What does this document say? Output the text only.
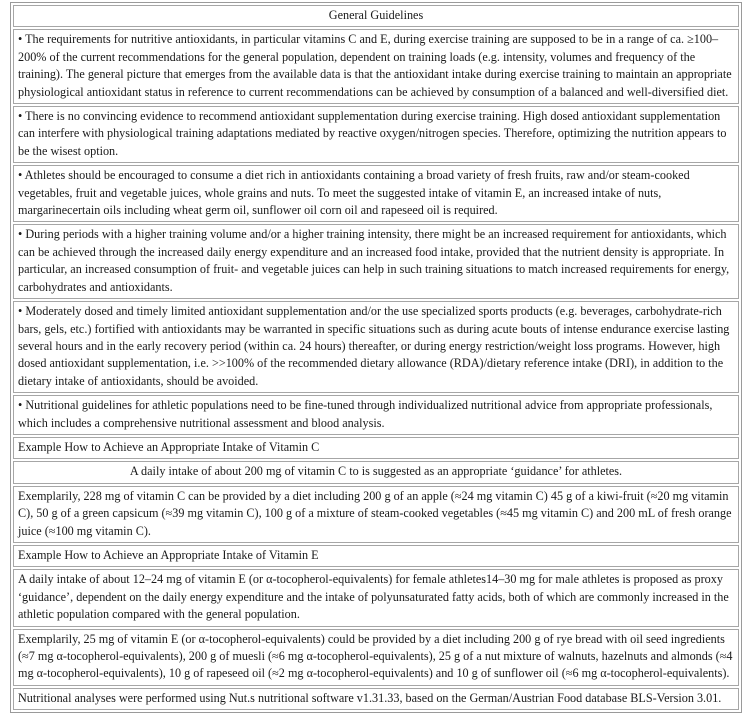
General Guidelines
• The requirements for nutritive antioxidants, in particular vitamins C and E, during exercise training are supposed to be in a range of ca. ≥100–200% of the current recommendations for the general population, dependent on training loads (e.g. intensity, volumes and frequency of the training). The general picture that emerges from the available data is that the antioxidant intake during exercise training to maintain an appropriate physiological antioxidant status in reference to current recommendations can be achieved by consumption of a balanced and well-diversified diet.
• There is no convincing evidence to recommend antioxidant supplementation during exercise training. High dosed antioxidant supplementation can interfere with physiological training adaptations mediated by reactive oxygen/nitrogen species. Therefore, optimizing the nutrition appears to be the wisest option.
• Athletes should be encouraged to consume a diet rich in antioxidants containing a broad variety of fresh fruits, raw and/or steam-cooked vegetables, fruit and vegetable juices, whole grains and nuts. To meet the suggested intake of vitamin E, an increased intake of nuts, margarinecertain oils including wheat germ oil, sunflower oil corn oil and rapeseed oil is required.
• During periods with a higher training volume and/or a higher training intensity, there might be an increased requirement for antioxidants, which can be achieved through the increased daily energy expenditure and an increased food intake, provided that the nutrient density is appropriate. In particular, an increased consumption of fruit- and vegetable juices can help in such training situations to match increased requirements for energy, carbohydrates and antioxidants.
• Moderately dosed and timely limited antioxidant supplementation and/or the use specialized sports products (e.g. beverages, carbohydrate-rich bars, gels, etc.) fortified with antioxidants may be warranted in specific situations such as during acute bouts of intense endurance exercise lasting several hours and in the early recovery period (within ca. 24 hours) thereafter, or during energy restriction/weight loss programs. However, high dosed antioxidant supplementation, i.e. >>100% of the recommended dietary allowance (RDA)/dietary reference intake (DRI), in addition to the dietary intake of antioxidants, should be avoided.
• Nutritional guidelines for athletic populations need to be fine-tuned through individualized nutritional advice from appropriate professionals, which includes a comprehensive nutritional assessment and blood analysis.
Example How to Achieve an Appropriate Intake of Vitamin C
A daily intake of about 200 mg of vitamin C to is suggested as an appropriate ‘guidance’ for athletes.
Exemplarily, 228 mg of vitamin C can be provided by a diet including 200 g of an apple (≈24 mg vitamin C) 45 g of a kiwi-fruit (≈20 mg vitamin C), 50 g of a green capsicum (≈39 mg vitamin C), 100 g of a mixture of steam-cooked vegetables (≈45 mg vitamin C) and 200 mL of fresh orange juice (≈100 mg vitamin C).
Example How to Achieve an Appropriate Intake of Vitamin E
A daily intake of about 12–24 mg of vitamin E (or α-tocopherol-equivalents) for female athletes14–30 mg for male athletes is proposed as proxy ‘guidance’, dependent on the daily energy expenditure and the intake of polyunsaturated fatty acids, both of which are commonly increased in the athletic population compared with the general population.
Exemplarily, 25 mg of vitamin E (or α-tocopherol-equivalents) could be provided by a diet including 200 g of rye bread with oil seed ingredients (≈7 mg α-tocopherol-equivalents), 200 g of muesli (≈6 mg α-tocopherol-equivalents), 25 g of a nut mixture of walnuts, hazelnuts and almonds (≈4 mg α-tocopherol-equivalents), 10 g of rapeseed oil (≈2 mg α-tocopherol-equivalents) and 10 g of sunflower oil (≈6 mg α-tocopherol-equivalents).
Nutritional analyses were performed using Nut.s nutritional software v1.31.33, based on the German/Austrian Food database BLS-Version 3.01.
